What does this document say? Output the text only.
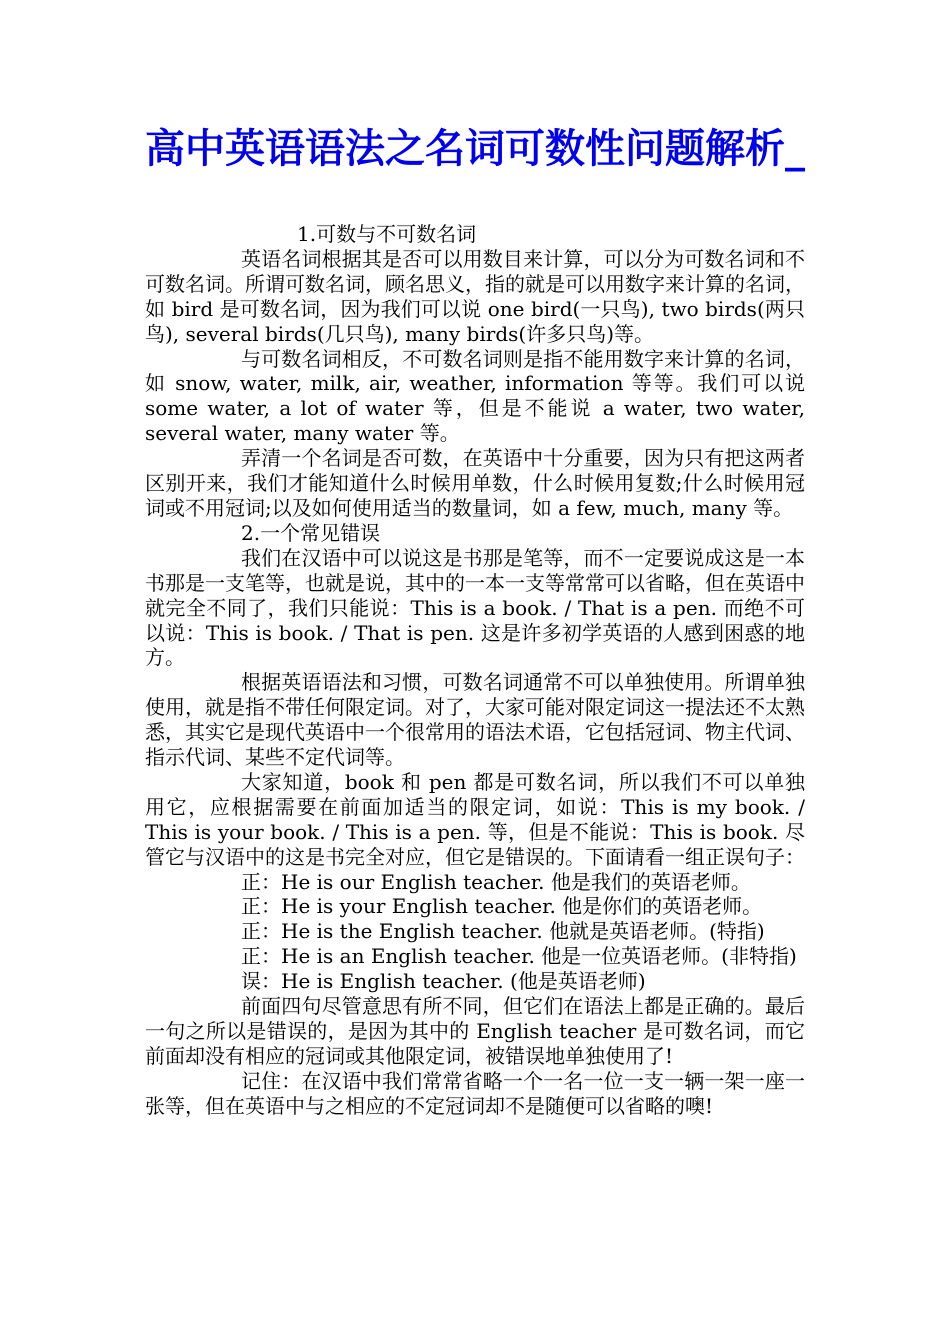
高中英语语法之名词可数性问题解析_

1.可数与不可数名词

英语名词根据其是否可以用数目来计算，可以分为可数名词和不可数名词。所谓可数名词，顾名思义，指的就是可以用数字来计算的名词，如 bird 是可数名词，因为我们可以说 one bird(一只鸟), two birds(两只鸟), several birds(几只鸟), many birds(许多只鸟)等。

与可数名词相反，不可数名词则是指不能用数字来计算的名词，如 snow, water, milk, air, weather, information 等等。我们可以说 some water, a lot of water 等，但是不能说 a water, two water, several water, many water 等。

弄清一个名词是否可数，在英语中十分重要，因为只有把这两者区别开来，我们才能知道什么时候用单数，什么时候用复数;什么时候用冠词或不用冠词;以及如何使用适当的数量词，如 a few, much, many 等。

2.一个常见错误

我们在汉语中可以说这是书那是笔等，而不一定要说成这是一本书那是一支笔等，也就是说，其中的一本一支等常常可以省略，但在英语中就完全不同了，我们只能说：This is a book. / That is a pen. 而绝不可以说：This is book. / That is pen. 这是许多初学英语的人感到困惑的地方。

根据英语语法和习惯，可数名词通常不可以单独使用。所谓单独使用，就是指不带任何限定词。对了，大家可能对限定词这一提法还不太熟悉，其实它是现代英语中一个很常用的语法术语，它包括冠词、物主代词、指示代词、某些不定代词等。

大家知道，book 和 pen 都是可数名词，所以我们不可以单独用它，应根据需要在前面加适当的限定词，如说：This is my book. / This is your book. / This is a pen. 等，但是不能说：This is book. 尽管它与汉语中的这是书完全对应，但它是错误的。下面请看一组正误句子：

正：He is our English teacher. 他是我们的英语老师。

正：He is your English teacher. 他是你们的英语老师。

正：He is the English teacher. 他就是英语老师。(特指)

正：He is an English teacher. 他是一位英语老师。(非特指)

误：He is English teacher. (他是英语老师)

前面四句尽管意思有所不同，但它们在语法上都是正确的。最后一句之所以是错误的，是因为其中的 English teacher 是可数名词，而它前面却没有相应的冠词或其他限定词，被错误地单独使用了!

记住：在汉语中我们常常省略一个一名一位一支一辆一架一座一张等，但在英语中与之相应的不定冠词却不是随便可以省略的噢!
